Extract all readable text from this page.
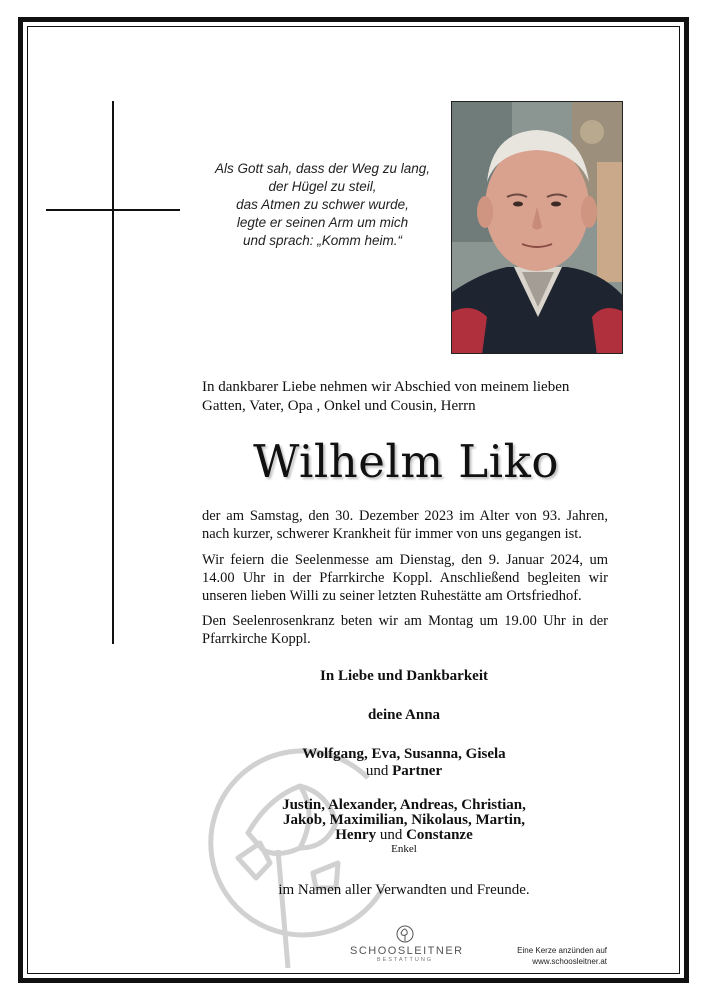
Als Gott sah, dass der Weg zu lang,
der Hügel zu steil,
das Atmen zu schwer wurde,
legte er seinen Arm um mich
und sprach: „Komm heim.“
In dankbarer Liebe nehmen wir Abschied von meinem lieben Gatten, Vater, Opa , Onkel und Cousin, Herrn
Wilhelm Liko
der am Samstag, den 30. Dezember 2023 im Alter von 93. Jahren, nach kurzer, schwerer Krankheit für immer von uns gegangen ist.
Wir feiern die Seelenmesse am Dienstag, den 9. Januar 2024, um 14.00 Uhr in der Pfarrkirche Koppl. Anschließend begleiten wir unseren lieben Willi zu seiner letzten Ruhestätte am Ortsfriedhof.
Den Seelenrosenkranz beten wir am Montag um 19.00 Uhr in der Pfarrkirche Koppl.
In Liebe und Dankbarkeit
deine Anna
Wolfgang, Eva, Susanna, Gisela
und Partner
Justin, Alexander, Andreas, Christian,
Jakob, Maximilian, Nikolaus, Martin,
Henry und Constanze
Enkel
im Namen aller Verwandten und Freunde.
SCHOOSLEITNER
BESTATTUNG
Eine Kerze anzünden auf
www.schoosleitner.at
